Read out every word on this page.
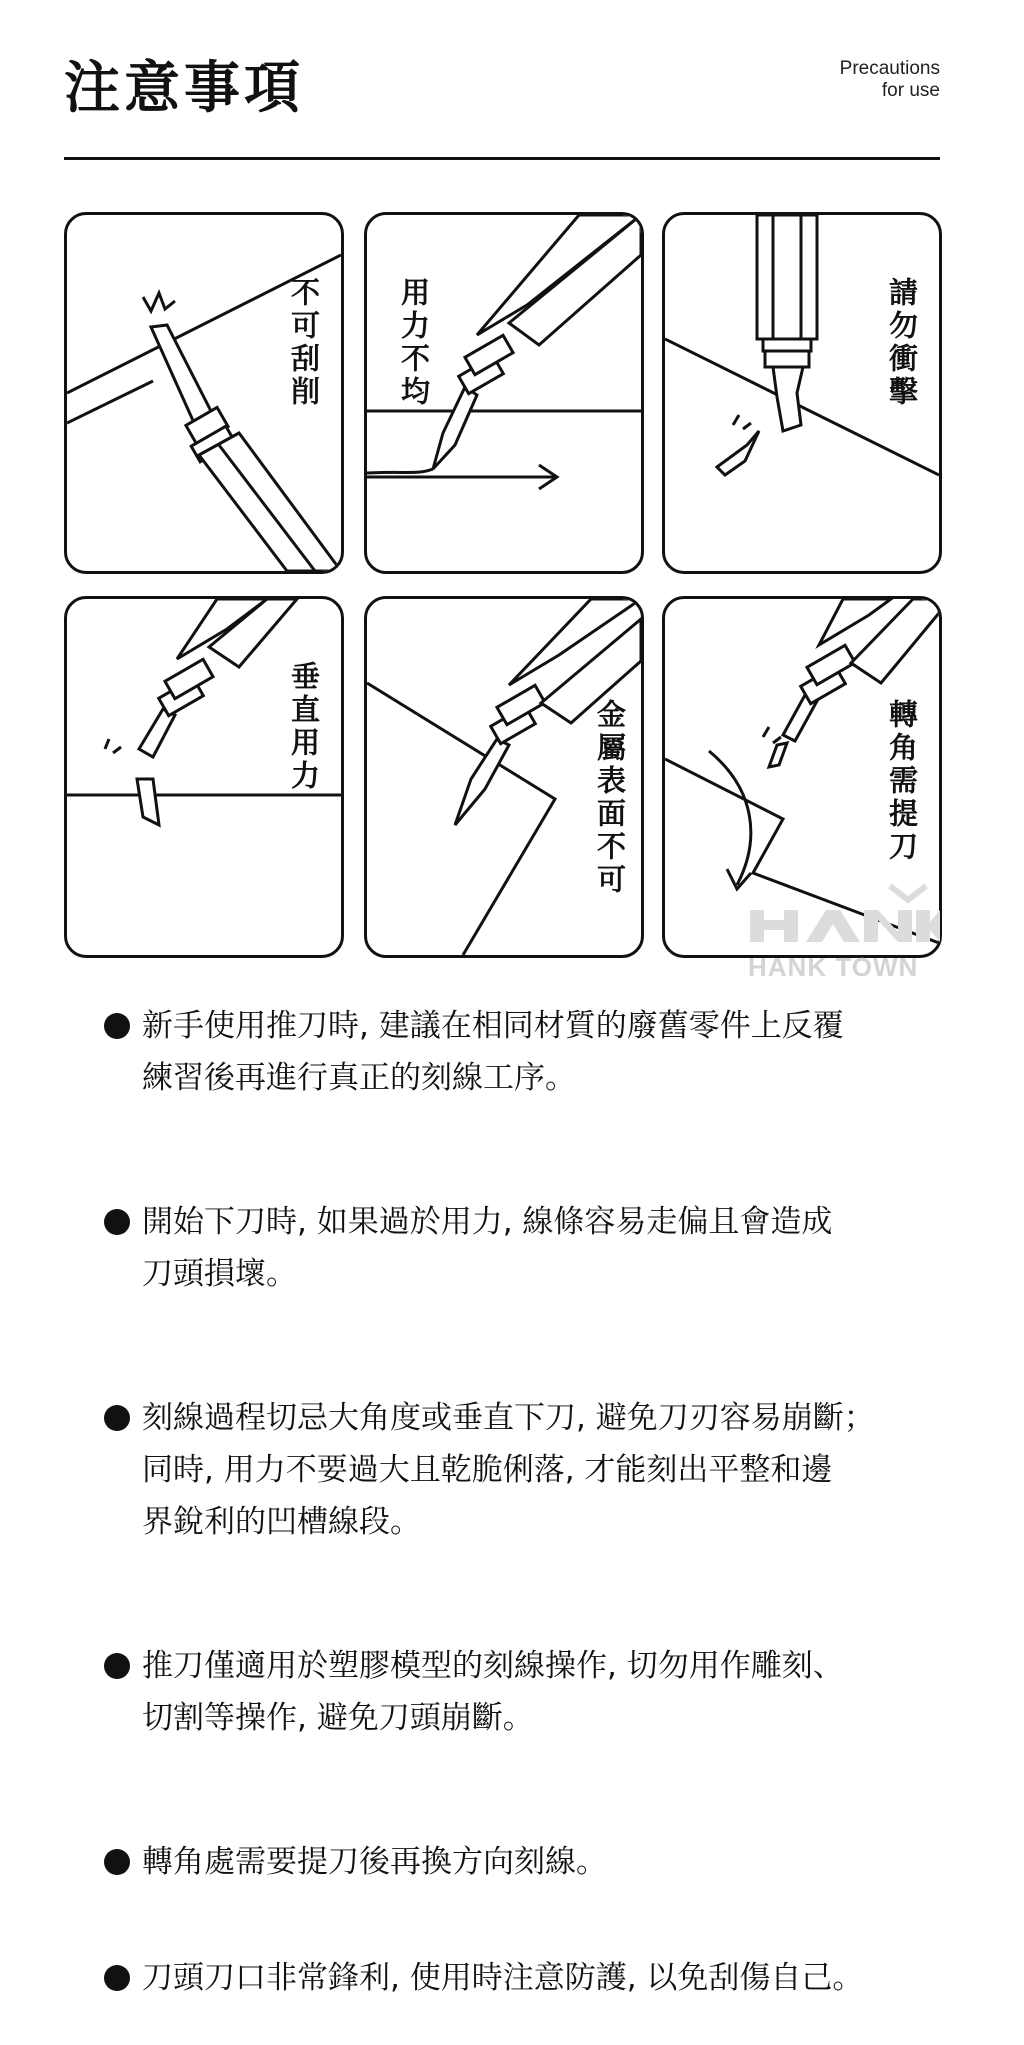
注意事項	Precautions
for use
不可刮削	用力不均	請勿衝擊
垂直用力	金屬表面不可	轉角需提刀
HANK TOWN
新手使用推刀時, 建議在相同材質的廢舊零件上反覆
練習後再進行真正的刻線工序。
開始下刀時, 如果過於用力, 線條容易走偏且會造成
刀頭損壞。
刻線過程切忌大角度或垂直下刀, 避免刀刃容易崩斷；
同時, 用力不要過大且乾脆俐落, 才能刻出平整和邊
界銳利的凹槽線段。
推刀僅適用於塑膠模型的刻線操作, 切勿用作雕刻、
切割等操作, 避免刀頭崩斷。
轉角處需要提刀後再換方向刻線。
刀頭刀口非常鋒利, 使用時注意防護, 以免刮傷自己。
